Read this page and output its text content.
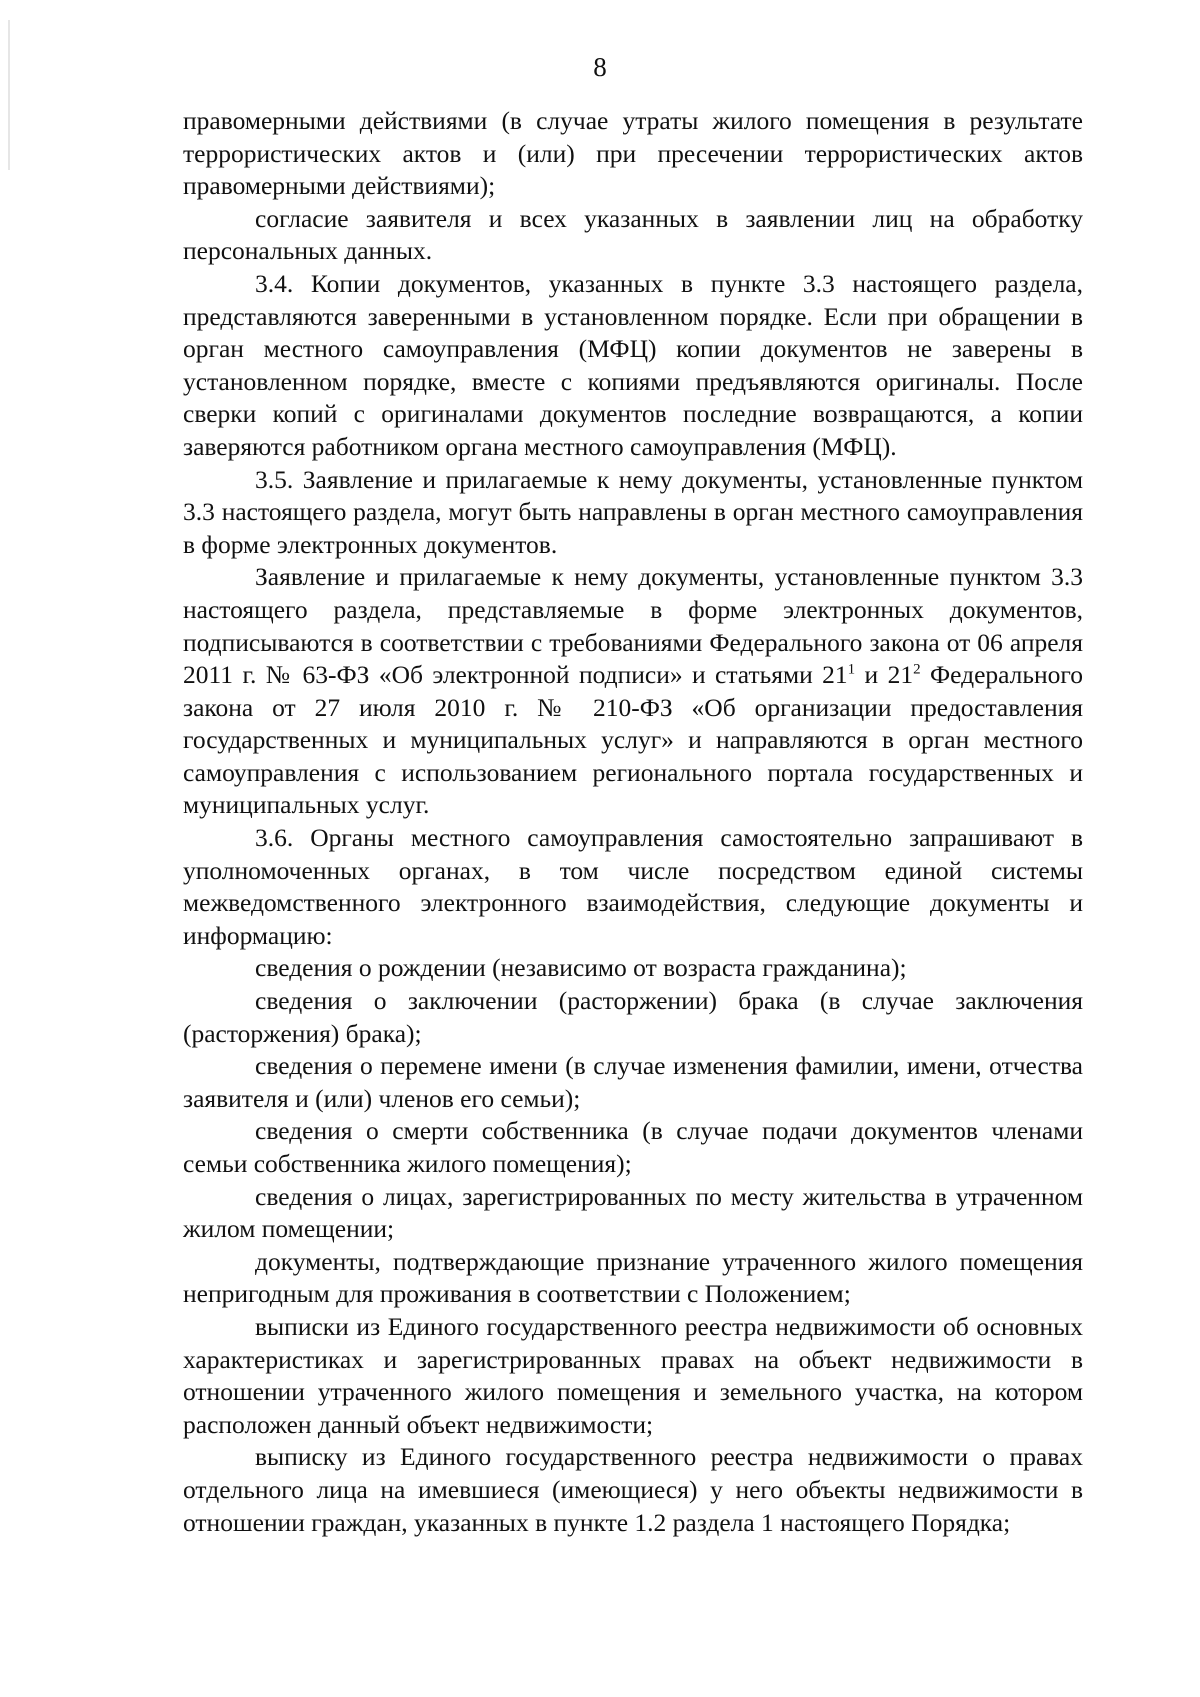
8

правомерными действиями (в случае утраты жилого помещения в результате террористических актов и (или) при пресечении террористических актов правомерными действиями);

согласие заявителя и всех указанных в заявлении лиц на обработку персональных данных.

3.4. Копии документов, указанных в пункте 3.3 настоящего раздела, представляются заверенными в установленном порядке. Если при обращении в орган местного самоуправления (МФЦ) копии документов не заверены в установленном порядке, вместе с копиями предъявляются оригиналы. После сверки копий с оригиналами документов последние возвращаются, а копии заверяются работником органа местного самоуправления (МФЦ).

3.5. Заявление и прилагаемые к нему документы, установленные пунктом 3.3 настоящего раздела, могут быть направлены в орган местного самоуправления в форме электронных документов.

Заявление и прилагаемые к нему документы, установленные пунктом 3.3 настоящего раздела, представляемые в форме электронных документов, подписываются в соответствии с требованиями Федерального закона от 06 апреля 2011 г. № 63-ФЗ «Об электронной подписи» и статьями $21^1$ и $21^2$ Федерального закона от 27 июля 2010 г. № 210-ФЗ «Об организации предоставления государственных и муниципальных услуг» и направляются в орган местного самоуправления с использованием регионального портала государственных и муниципальных услуг.

3.6. Органы местного самоуправления самостоятельно запрашивают в уполномоченных органах, в том числе посредством единой системы межведомственного электронного взаимодействия, следующие документы и информацию:

сведения о рождении (независимо от возраста гражданина);

сведения о заключении (расторжении) брака (в случае заключения (расторжения) брака);

сведения о перемене имени (в случае изменения фамилии, имени, отчества заявителя и (или) членов его семьи);

сведения о смерти собственника (в случае подачи документов членами семьи собственника жилого помещения);

сведения о лицах, зарегистрированных по месту жительства в утраченном жилом помещении;

документы, подтверждающие признание утраченного жилого помещения непригодным для проживания в соответствии с Положением;

выписки из Единого государственного реестра недвижимости об основных характеристиках и зарегистрированных правах на объект недвижимости в отношении утраченного жилого помещения и земельного участка, на котором расположен данный объект недвижимости;

выписку из Единого государственного реестра недвижимости о правах отдельного лица на имевшиеся (имеющиеся) у него объекты недвижимости в отношении граждан, указанных в пункте 1.2 раздела 1 настоящего Порядка;
